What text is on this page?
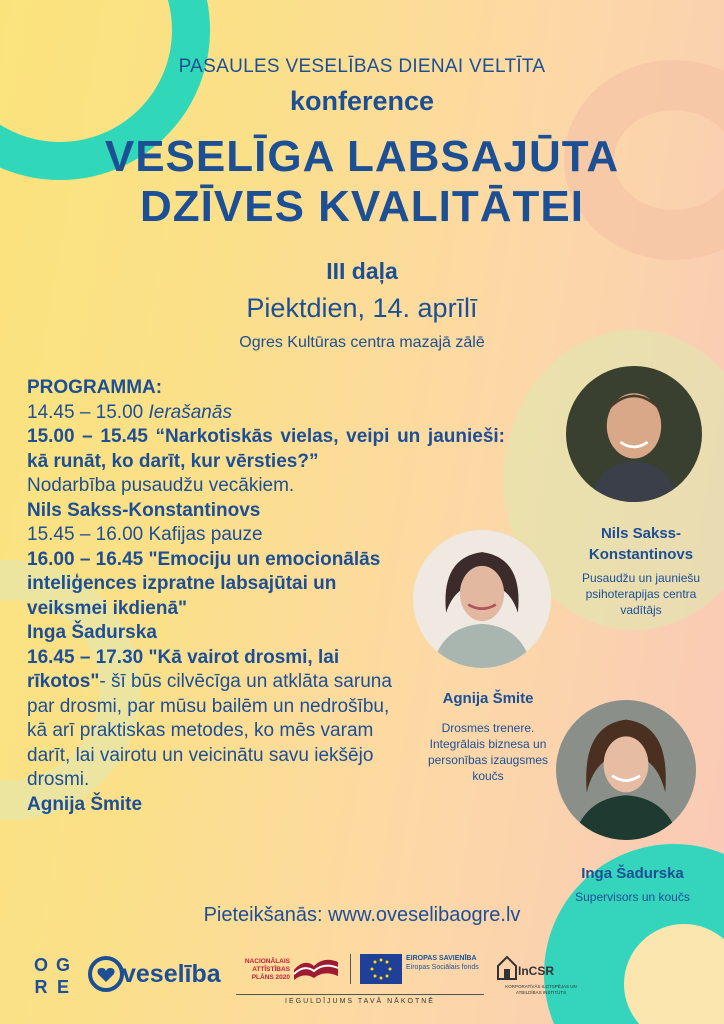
PASAULES VESELĪBAS DIENAI VELTĪTA
konference
VESELĪGA LABSAJŪTA
DZĪVES KVALITĀTEI
III daļa
Piektdien, 14. aprīlī
Ogres Kultūras centra mazajā zālē
PROGRAMMA:
14.45 – 15.00 Ierašanās
15.00 – 15.45 “Narkotiskās vielas, veipi un jaunieši: kā runāt, ko darīt, kur vērsties?”
Nodarbība pusaudžu vecākiem.
Nils Sakss-Konstantinovs
15.45 – 16.00 Kafijas pauze
16.00 – 16.45 "Emociju un emocionālās inteliģences izpratne labsajūtai un veiksmei ikdienā"
Inga Šadurska
16.45 – 17.30 "Kā vairot drosmi, lai rīkotos"- šī būs cilvēcīga un atklāta saruna par drosmi, par mūsu bailēm un nedrošību, kā arī praktiskas metodes, ko mēs varam darīt, lai vairotu un veicinātu savu iekšējo drosmi.
Agnija Šmite
Nils Sakss-
Konstantinovs
Pusaudžu un jauniešu psihoterapijas centra vadītājs
Agnija Šmite
Drosmes trenere. Integrālais biznesa un personības izaugsmes koučs
Inga Šadurska
Supervisors un koučs
Pieteikšanās: www.oveselibaogre.lv
O G
R E veselība	NACIONĀLAIS ATTĪSTĪBAS PLĀNS 2020
EIROPAS SAVIENĪBA
Eiropas Sociālais fonds
IEGULDĪJUMS TAVĀ NĀKOTNĒ
InCSR
KORPORATĪVĀS ILGTSPĒJAS UN ATBILDĪBAS INSTITŪTS
